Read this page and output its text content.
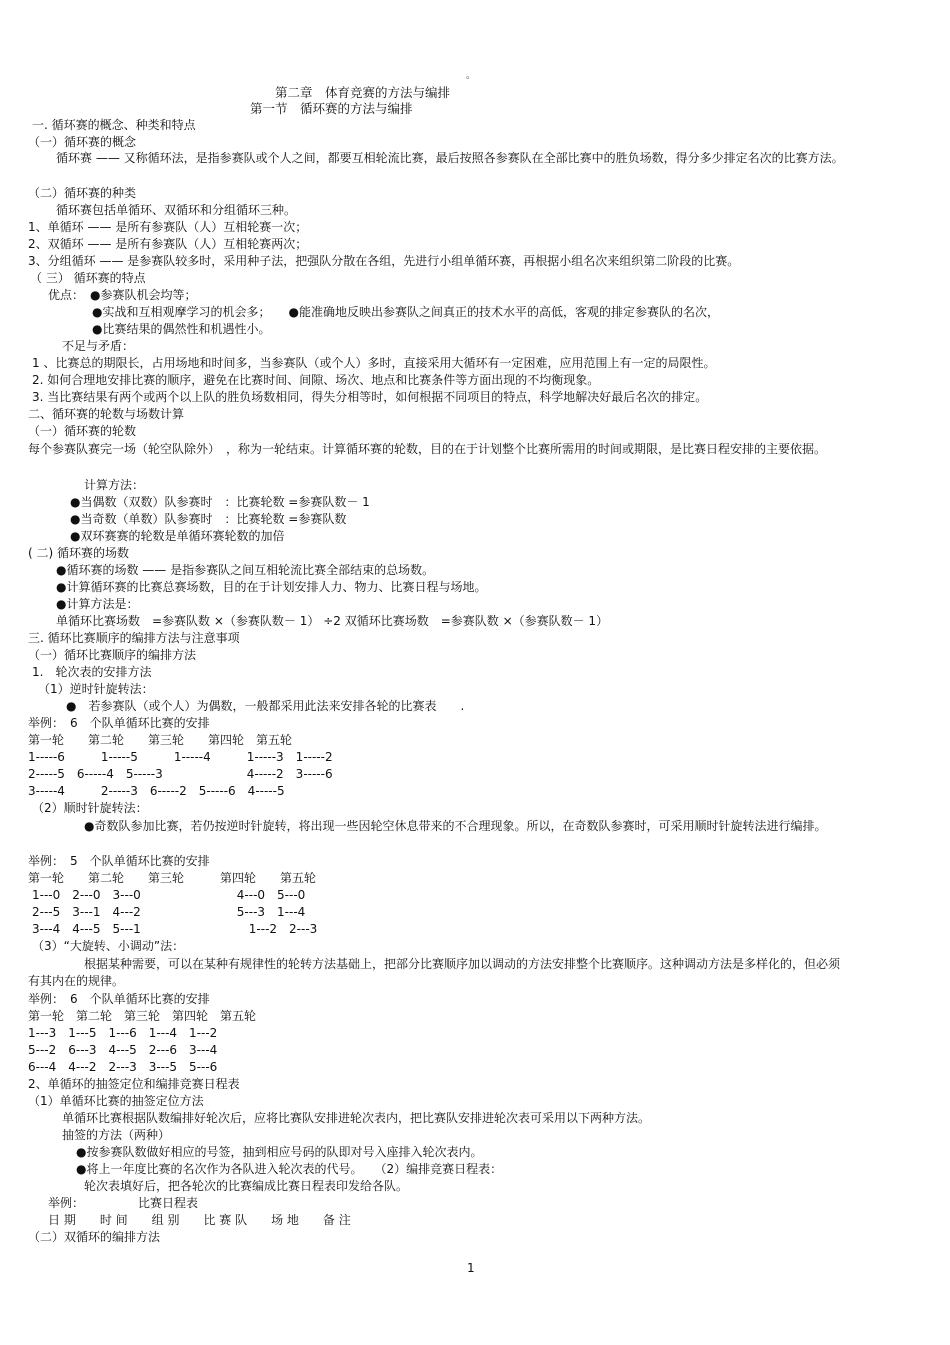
。
第二章　体育竞赛的方法与编排
第一节　循环赛的方法与编排
一. 循环赛的概念、种类和特点
（一）循环赛的概念
循环赛 —— 又称循环法，是指参赛队或个人之间，都要互相轮流比赛，最后按照各参赛队在全部比赛中的胜负场数，得分多少排定名次的比赛方法。
（二）循环赛的种类
循环赛包括单循环、双循环和分组循环三种。
1、单循环 —— 是所有参赛队（人）互相轮赛一次；
2、双循环 —— 是所有参赛队（人）互相轮赛两次；
3、分组循环 —— 是参赛队较多时，采用种子法，把强队分散在各组，先进行小组单循环赛，再根据小组名次来组织第二阶段的比赛。
（ 三） 循环赛的特点
优点：　●参赛队机会均等；
●实战和互相观摩学习的机会多；　　●能准确地反映出参赛队之间真正的技术水平的高低，客观的排定参赛队的名次，
●比赛结果的偶然性和机遇性小。
不足与矛盾：
1 、比赛总的期限长，占用场地和时间多，当参赛队（或个人）多时，直接采用大循环有一定困难，应用范围上有一定的局限性。
2. 如何合理地安排比赛的顺序，避免在比赛时间、间隙、场次、地点和比赛条件等方面出现的不均衡现象。
3. 当比赛结果有两个或两个以上队的胜负场数相同，得失分相等时，如何根据不同项目的特点，科学地解决好最后名次的排定。
二、循环赛的轮数与场数计算
（一）循环赛的轮数
每个参赛队赛完一场（轮空队除外）　，称为一轮结束。计算循环赛的轮数，目的在于计划整个比赛所需用的时间或期限，是比赛日程安排的主要依据。
计算方法：
●当偶数（双数）队参赛时　：比赛轮数 =参赛队数－ 1
●当奇数（单数）队参赛时　：比赛轮数 =参赛队数
●双环赛赛的轮数是单循环赛轮数的加倍
( 二) 循环赛的场数
●循环赛的场数 —— 是指参赛队之间互相轮流比赛全部结束的总场数。
●计算循环赛的比赛总赛场数，目的在于计划安排人力、物力、比赛日程与场地。
●计算方法是：
单循环比赛场数　=参赛队数 ×（参赛队数－ 1） ÷2 双循环比赛场数　=参赛队数 ×（参赛队数－ 1）
三. 循环比赛顺序的编排方法与注意事项
（一）循环比赛顺序的编排方法
1.　轮次表的安排方法
（1）逆时针旋转法：
●　若参赛队（或个人）为偶数，一般都采用此法来安排各轮的比赛表　　.
举例：　6　个队单循环比赛的安排
第一轮　　第二轮　　第三轮　　第四轮　第五轮
1-----6　　　1-----5　　　1-----4　　　1-----3　1-----2
2-----5　6-----4　5-----3　　　　　　　4-----2　3-----6
3-----4　　　2-----3　6-----2　5-----6　4-----5
（2）顺时针旋转法：
●奇数队参加比赛，若仍按逆时针旋转，将出现一些因轮空休息带来的不合理现象。所以，在奇数队参赛时，可采用顺时针旋转法进行编排。
举例：　5　个队单循环比赛的安排
第一轮　　第二轮　　第三轮　　　第四轮　　第五轮
1---0　2---0　3---0　　　　　　　　4---0　5---0
2---5　3---1　4---2　　　　　　　　5---3　1---4
3---4　4---5　5---1　　　　　　　　　1---2　2---3
（3）“大旋转、小调动”法：
根据某种需要，可以在某种有规律性的轮转方法基础上，把部分比赛顺序加以调动的方法安排整个比赛顺序。这种调动方法是多样化的，但必须有其内在的规律。
举例：　6　个队单循环比赛的安排
第一轮　第二轮　第三轮　第四轮　第五轮
1---3　1---5　1---6　1---4　1---2
5---2　6---3　4---5　2---6　3---4
6---4　4---2　2---3　3---5　5---6
2、单循环的抽签定位和编排竞赛日程表
（1）单循环比赛的抽签定位方法
单循环比赛根据队数编排好轮次后，应将比赛队安排进轮次表内，把比赛队安排进轮次表可采用以下两种方法。
抽签的方法（两种）
●按参赛队数做好相应的号签，抽到相应号码的队即对号入座排入轮次表内。
●将上一年度比赛的名次作为各队进入轮次表的代号。　　（2）编排竞赛日程表：
轮次表填好后，把各轮次的比赛编成比赛日程表印发给各队。
举例：　　　　　比赛日程表
日 期　　时 间　　组 别　　比 赛 队　　场 地　　备 注
（二）双循环的编排方法
1
